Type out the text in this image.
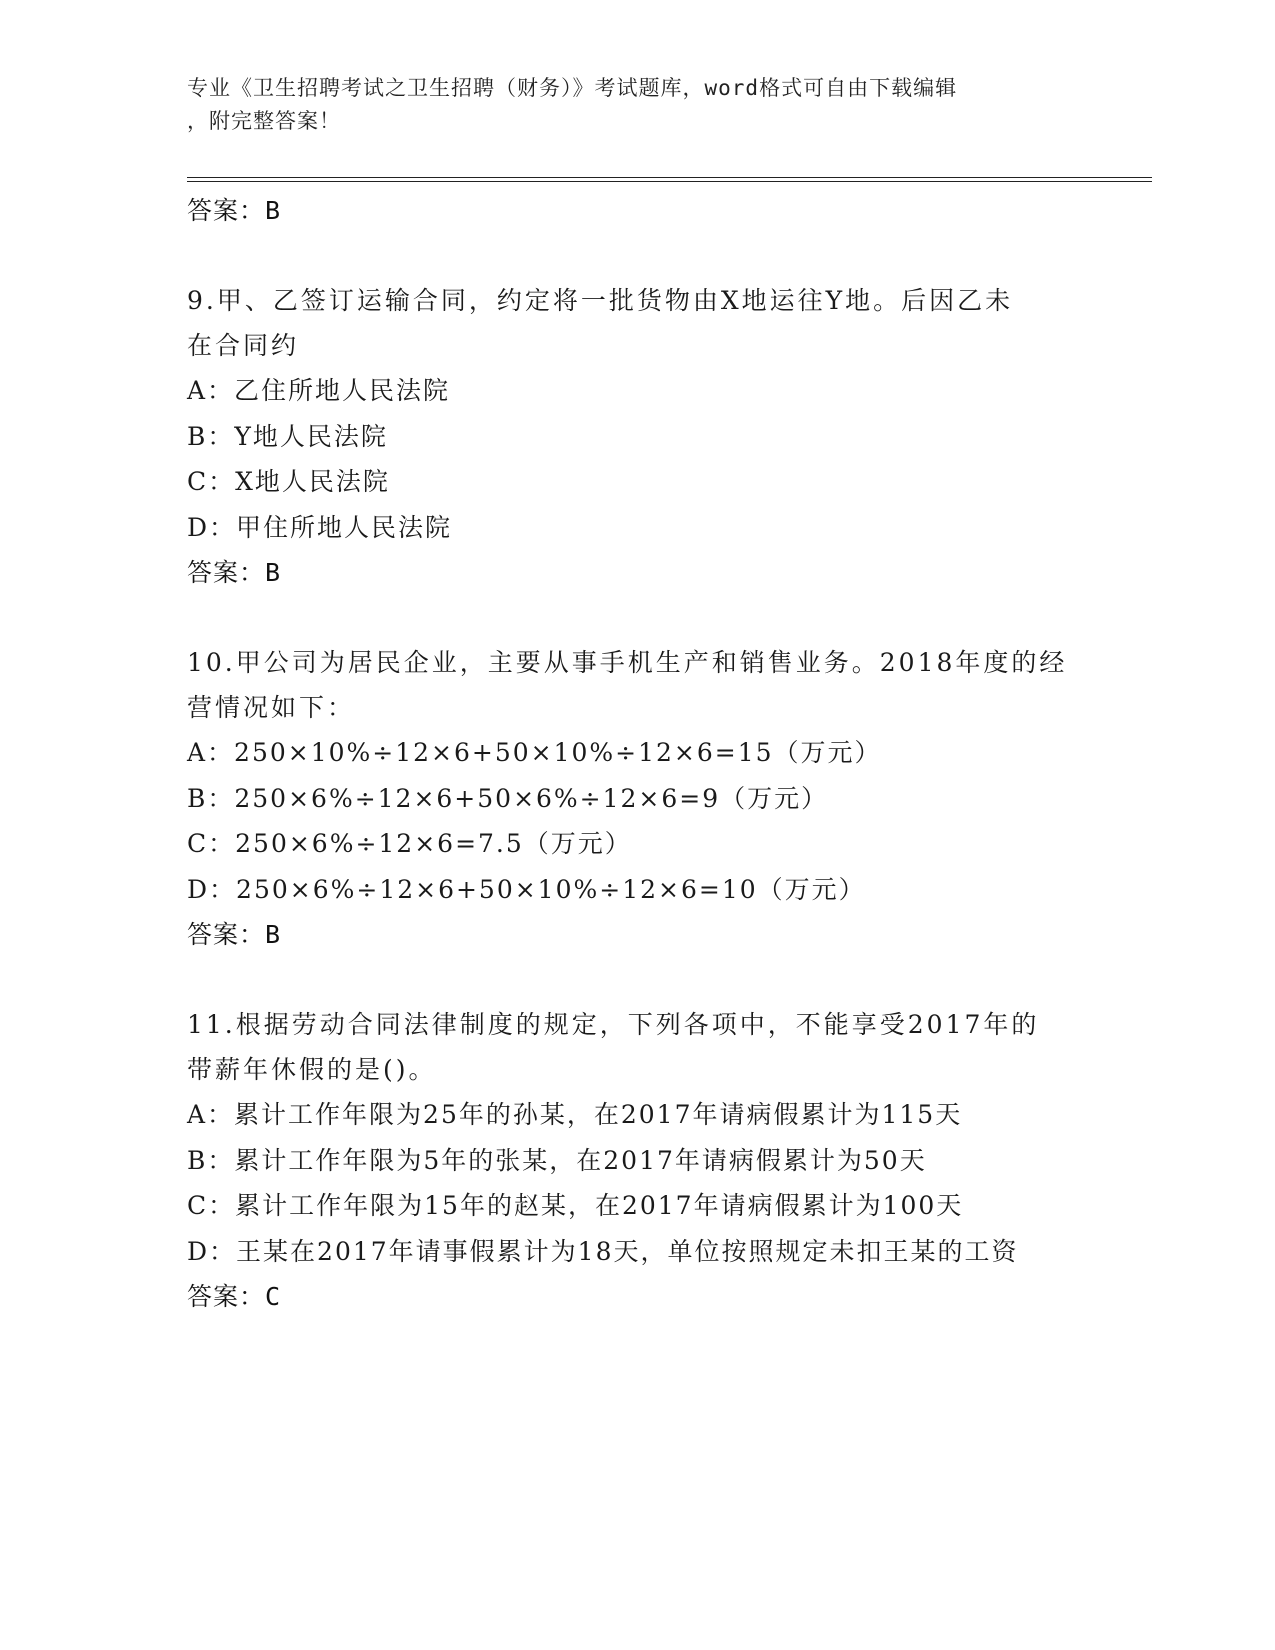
专业《卫生招聘考试之卫生招聘（财务）》考试题库，word格式可自由下载编辑
，附完整答案！
答案：B
9.甲、乙签订运输合同，约定将一批货物由X地运往Y地。后因乙未
在合同约
A：乙住所地人民法院
B：Y地人民法院
C：X地人民法院
D：甲住所地人民法院
答案：B
10.甲公司为居民企业，主要从事手机生产和销售业务。2018年度的经
营情况如下：
A：250×10%÷12×6+50×10%÷12×6=15（万元）
B：250×6%÷12×6+50×6%÷12×6=9（万元）
C：250×6%÷12×6=7.5（万元）
D：250×6%÷12×6+50×10%÷12×6=10（万元）
答案：B
11.根据劳动合同法律制度的规定，下列各项中，不能享受2017年的
带薪年休假的是()。
A：累计工作年限为25年的孙某，在2017年请病假累计为115天
B：累计工作年限为5年的张某，在2017年请病假累计为50天
C：累计工作年限为15年的赵某，在2017年请病假累计为100天
D：王某在2017年请事假累计为18天，单位按照规定未扣王某的工资
答案：C
